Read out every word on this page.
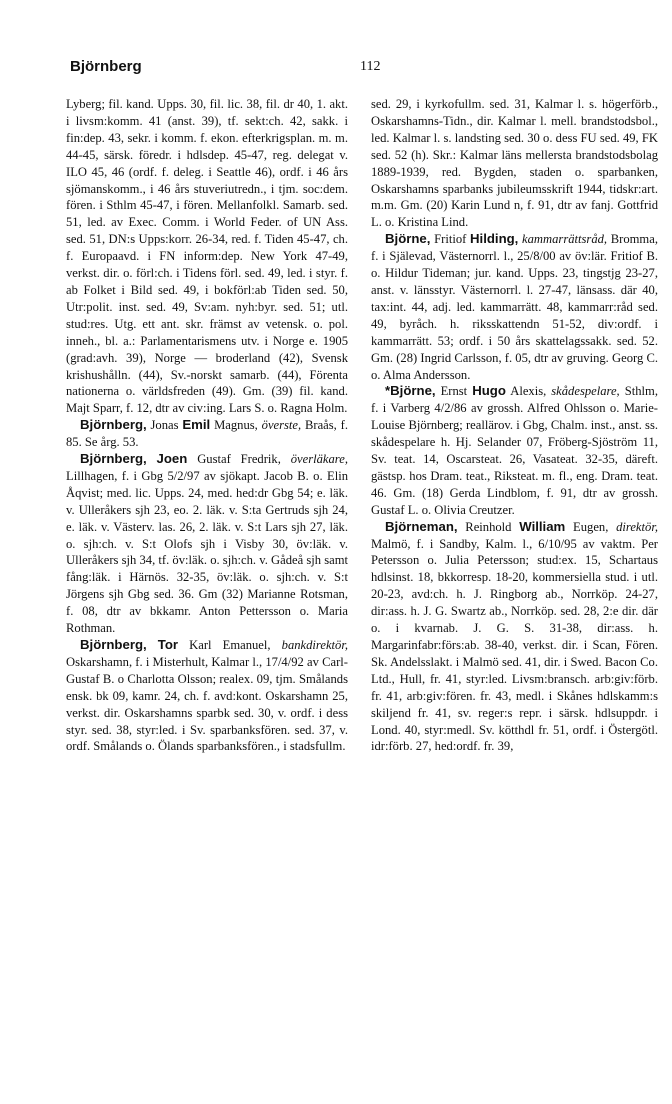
Björnberg	112

Lyberg; fil. kand. Upps. 30, fil. lic. 38, fil. dr 40, 1. akt. i livsm:komm. 41 (anst. 39), tf. sekt:ch. 42, sakk. i fin:dep. 43, sekr. i komm. f. ekon. efterkrigsplan. m. m. 44-45, särsk. föredr. i hdlsdep. 45-47, reg. delegat v. ILO 45, 46 (ordf. f. deleg. i Seattle 46), ordf. i 46 års sjömanskomm., i 46 års stuveriutredn., i tjm. soc:dem. fören. i Sthlm 45-47, i fören. Mellanfolkl. Samarb. sed. 51, led. av Exec. Comm. i World Feder. of UN Ass. sed. 51, DN:s Upps:korr. 26-34, red. f. Tiden 45-47, ch. f. Europaavd. i FN inform:dep. New York 47-49, verkst. dir. o. förl:ch. i Tidens förl. sed. 49, led. i styr. f. ab Folket i Bild sed. 49, i bokförl:ab Tiden sed. 50, Utr:polit. inst. sed. 49, Sv:am. nyh:byr. sed. 51; utl. stud:res. Utg. ett ant. skr. främst av vetensk. o. pol. inneh., bl. a.: Parlamentarismens utv. i Norge e. 1905 (grad:avh. 39), Norge — broderland (42), Svensk krishushålln. (44), Sv.-norskt samarb. (44), Förenta nationerna o. världsfreden (49). Gm. (39) fil. kand. Majt Sparr, f. 12, dtr av civ:ing. Lars S. o. Ragna Holm.

Björnberg, Jonas Emil Magnus, överste, Braås, f. 85. Se årg. 53.

Björnberg, Joen Gustaf Fredrik, överläkare, Lillhagen, f. i Gbg 5/2/97 av sjökapt. Jacob B. o. Elin Åqvist; med. lic. Upps. 24, med. hed:dr Gbg 54; e. läk. v. Ulleråkers sjh 23, eo. 2. läk. v. S:ta Gertruds sjh 24, e. läk. v. Västerv. las. 26, 2. läk. v. S:t Lars sjh 27, läk. o. sjh:ch. v. S:t Olofs sjh i Visby 30, öv:läk. v. Ulleråkers sjh 34, tf. öv:läk. o. sjh:ch. v. Gådeå sjh samt fång:läk. i Härnös. 32-35, öv:läk. o. sjh:ch. v. S:t Jörgens sjh Gbg sed. 36. Gm (32) Marianne Rotsman, f. 08, dtr av bkkamr. Anton Pettersson o. Maria Rothman.

Björnberg, Tor Karl Emanuel, bankdirektör, Oskarshamn, f. i Misterhult, Kalmar l., 17/4/92 av Carl-Gustaf B. o Charlotta Olsson; realex. 09, tjm. Smålands ensk. bk 09, kamr. 24, ch. f. avd:kont. Oskarshamn 25, verkst. dir. Oskarshamns sparbk sed. 30, v. ordf. i dess styr. sed. 38, styr:led. i Sv. sparbanksfören. sed. 37, v. ordf. Smålands o. Ölands sparbanksfören., i stadsfullm.

sed. 29, i kyrkofullm. sed. 31, Kalmar l. s. högerförb., Oskarshamns-Tidn., dir. Kalmar l. mell. brandstodsbol., led. Kalmar l. s. landsting sed. 30 o. dess FU sed. 49, FK sed. 52 (h). Skr.: Kalmar läns mellersta brandstodsbolag 1889-1939, red. Bygden, staden o. sparbanken, Oskarshamns sparbanks jubileumsskrift 1944, tidskr:art. m.m. Gm. (20) Karin Lund n, f. 91, dtr av fanj. Gottfrid L. o. Kristina Lind.

Björne, Fritiof Hilding, kammarrättsråd, Bromma, f. i Själevad, Västernorrl. l., 25/8/00 av öv:lär. Fritiof B. o. Hildur Tideman; jur. kand. Upps. 23, tingstjg 23-27, anst. v. länsstyr. Västernorrl. l. 27-47, länsass. där 40, tax:int. 44, adj. led. kammarrätt. 48, kammarr:råd sed. 49, byråch. h. riksskattendn 51-52, div:ordf. i kammarrätt. 53; ordf. i 50 års skattelagssakk. sed. 52. Gm. (28) Ingrid Carlsson, f. 05, dtr av gruving. Georg C. o. Alma Andersson.

*Björne, Ernst Hugo Alexis, skådespelare, Sthlm, f. i Varberg 4/2/86 av grossh. Alfred Ohlsson o. Marie-Louise Björnberg; reallärov. i Gbg, Chalm. inst., anst. ss. skådespelare h. Hj. Selander 07, Fröberg-Sjöström 11, Sv. teat. 14, Oscarsteat. 26, Vasateat. 32-35, däreft. gästsp. hos Dram. teat., Riksteat. m. fl., eng. Dram. teat. 46. Gm. (18) Gerda Lindblom, f. 91, dtr av grossh. Gustaf L. o. Olivia Creutzer.

Björneman, Reinhold William Eugen, direktör, Malmö, f. i Sandby, Kalm. l., 6/10/95 av vaktm. Per Petersson o. Julia Petersson; stud:ex. 15, Schartaus hdlsinst. 18, bkkorresp. 18-20, kommersiella stud. i utl. 20-23, avd:ch. h. J. Ringborg ab., Norrköp. 24-27, dir:ass. h. J. G. Swartz ab., Norrköp. sed. 28, 2:e dir. där o. i kvarnab. J. G. S. 31-38, dir:ass. h. Margarinfabr:förs:ab. 38-40, verkst. dir. i Scan, Fören. Sk. Andelsslakt. i Malmö sed. 41, dir. i Swed. Bacon Co. Ltd., Hull, fr. 41, styr:led. Livsm:bransch. arb:giv:förb. fr. 41, arb:giv:fören. fr. 43, medl. i Skånes hdlskamm:s skiljend fr. 41, sv. reger:s repr. i särsk. hdlsuppdr. i Lond. 40, styr:medl. Sv. kötthdl fr. 51, ordf. i Östergötl. idr:förb. 27, hed:ordf. fr. 39,
